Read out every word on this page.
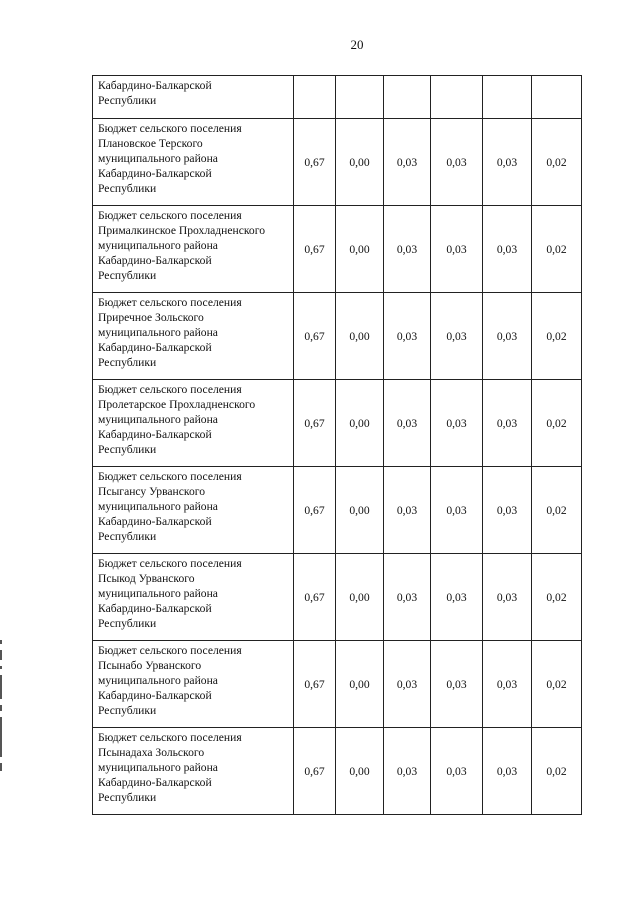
20
Кабардино-Балкарской
Республики						

Бюджет сельского поселения
Плановское Терского
муниципального района
Кабардино-Балкарской
Республики	0,67	0,00	0,03	0,03	0,03	0,02

Бюджет сельского поселения
Прималкинское Прохладненского
муниципального района
Кабардино-Балкарской
Республики	0,67	0,00	0,03	0,03	0,03	0,02

Бюджет сельского поселения
Приречное Зольского
муниципального района
Кабардино-Балкарской
Республики	0,67	0,00	0,03	0,03	0,03	0,02

Бюджет сельского поселения
Пролетарское Прохладненского
муниципального района
Кабардино-Балкарской
Республики	0,67	0,00	0,03	0,03	0,03	0,02

Бюджет сельского поселения
Псыгансу Урванского
муниципального района
Кабардино-Балкарской
Республики	0,67	0,00	0,03	0,03	0,03	0,02

Бюджет сельского поселения
Псыкод Урванского
муниципального района
Кабардино-Балкарской
Республики	0,67	0,00	0,03	0,03	0,03	0,02

Бюджет сельского поселения
Псынабо Урванского
муниципального района
Кабардино-Балкарской
Республики	0,67	0,00	0,03	0,03	0,03	0,02

Бюджет сельского поселения
Псынадаха Зольского
муниципального района
Кабардино-Балкарской
Республики	0,67	0,00	0,03	0,03	0,03	0,02
